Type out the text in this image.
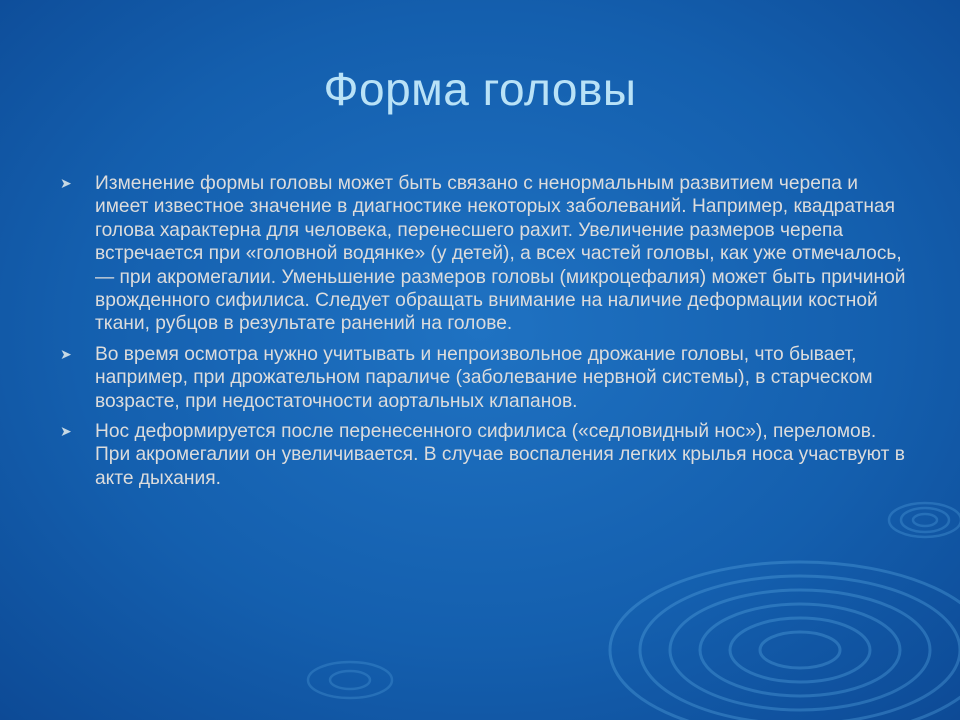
Форма головы
➤ Изменение формы головы может быть связано с ненормальным развитием черепа и имеет известное значение в диагностике некоторых заболеваний. Например, квадратная голова характерна для человека, перенесшего рахит. Увеличение размеров черепа встречается при «головной водянке» (у детей), а всех частей головы, как уже отмечалось, — при акромегалии. Уменьшение размеров головы (микроцефалия) может быть причиной врожденного сифилиса. Следует обращать внимание на наличие деформации костной ткани, рубцов в результате ранений на голове.
➤ Во время осмотра нужно учитывать и непроизвольное дрожание головы, что бывает, например, при дрожательном параличе (заболевание нервной системы), в старческом возрасте, при недостаточности аортальных клапанов.
➤ Нос деформируется после перенесенного сифилиса («седловидный нос»), переломов. При акромегалии он увеличивается. В случае воспаления легких крылья носа участвуют в акте дыхания.
